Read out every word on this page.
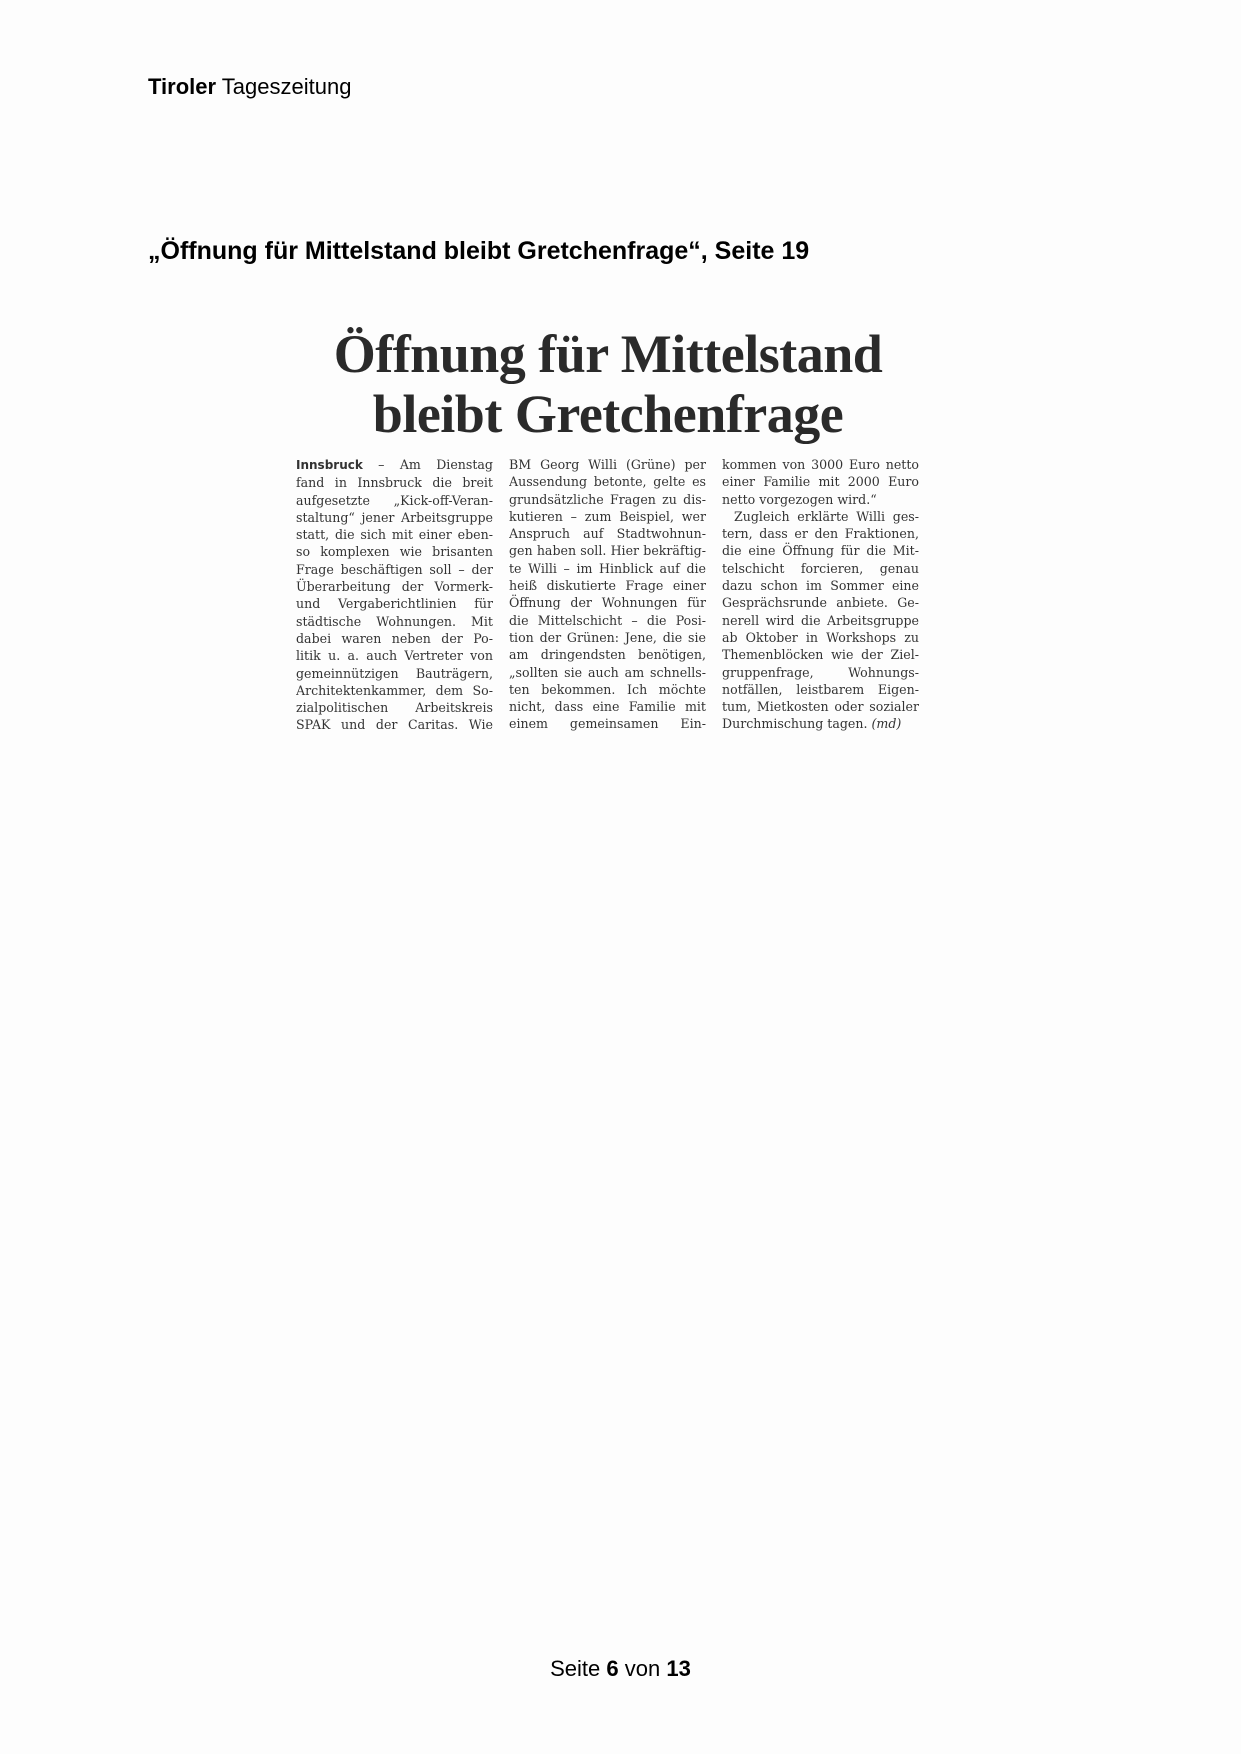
Tiroler Tageszeitung
„Öffnung für Mittelstand bleibt Gretchenfrage“, Seite 19
Öffnung für Mittelstand
bleibt Gretchenfrage
Innsbruck – Am Dienstag
fand in Innsbruck die breit
aufgesetzte „Kick-off-Veran-
staltung“ jener Arbeitsgruppe
statt, die sich mit einer eben-
so komplexen wie brisanten
Frage beschäftigen soll – der
Überarbeitung der Vormerk-
und Vergaberichtlinien für
städtische Wohnungen. Mit
dabei waren neben der Po-
litik u. a. auch Vertreter von
gemeinnützigen Bauträgern,
Architektenkammer, dem So-
zialpolitischen Arbeitskreis
SPAK und der Caritas. Wie
BM Georg Willi (Grüne) per
Aussendung betonte, gelte es
grundsätzliche Fragen zu dis-
kutieren – zum Beispiel, wer
Anspruch auf Stadtwohnun-
gen haben soll. Hier bekräftig-
te Willi – im Hinblick auf die
heiß diskutierte Frage einer
Öffnung der Wohnungen für
die Mittelschicht – die Posi-
tion der Grünen: Jene, die sie
am dringendsten benötigen,
„sollten sie auch am schnells-
ten bekommen. Ich möchte
nicht, dass eine Familie mit
einem gemeinsamen Ein-
kommen von 3000 Euro netto
einer Familie mit 2000 Euro
netto vorgezogen wird.“
Zugleich erklärte Willi ges-
tern, dass er den Fraktionen,
die eine Öffnung für die Mit-
telschicht forcieren, genau
dazu schon im Sommer eine
Gesprächsrunde anbiete. Ge-
nerell wird die Arbeitsgruppe
ab Oktober in Workshops zu
Themenblöcken wie der Ziel-
gruppenfrage, Wohnungs-
notfällen, leistbarem Eigen-
tum, Mietkosten oder sozialer
Durchmischung tagen. (md)
Seite 6 von 13
